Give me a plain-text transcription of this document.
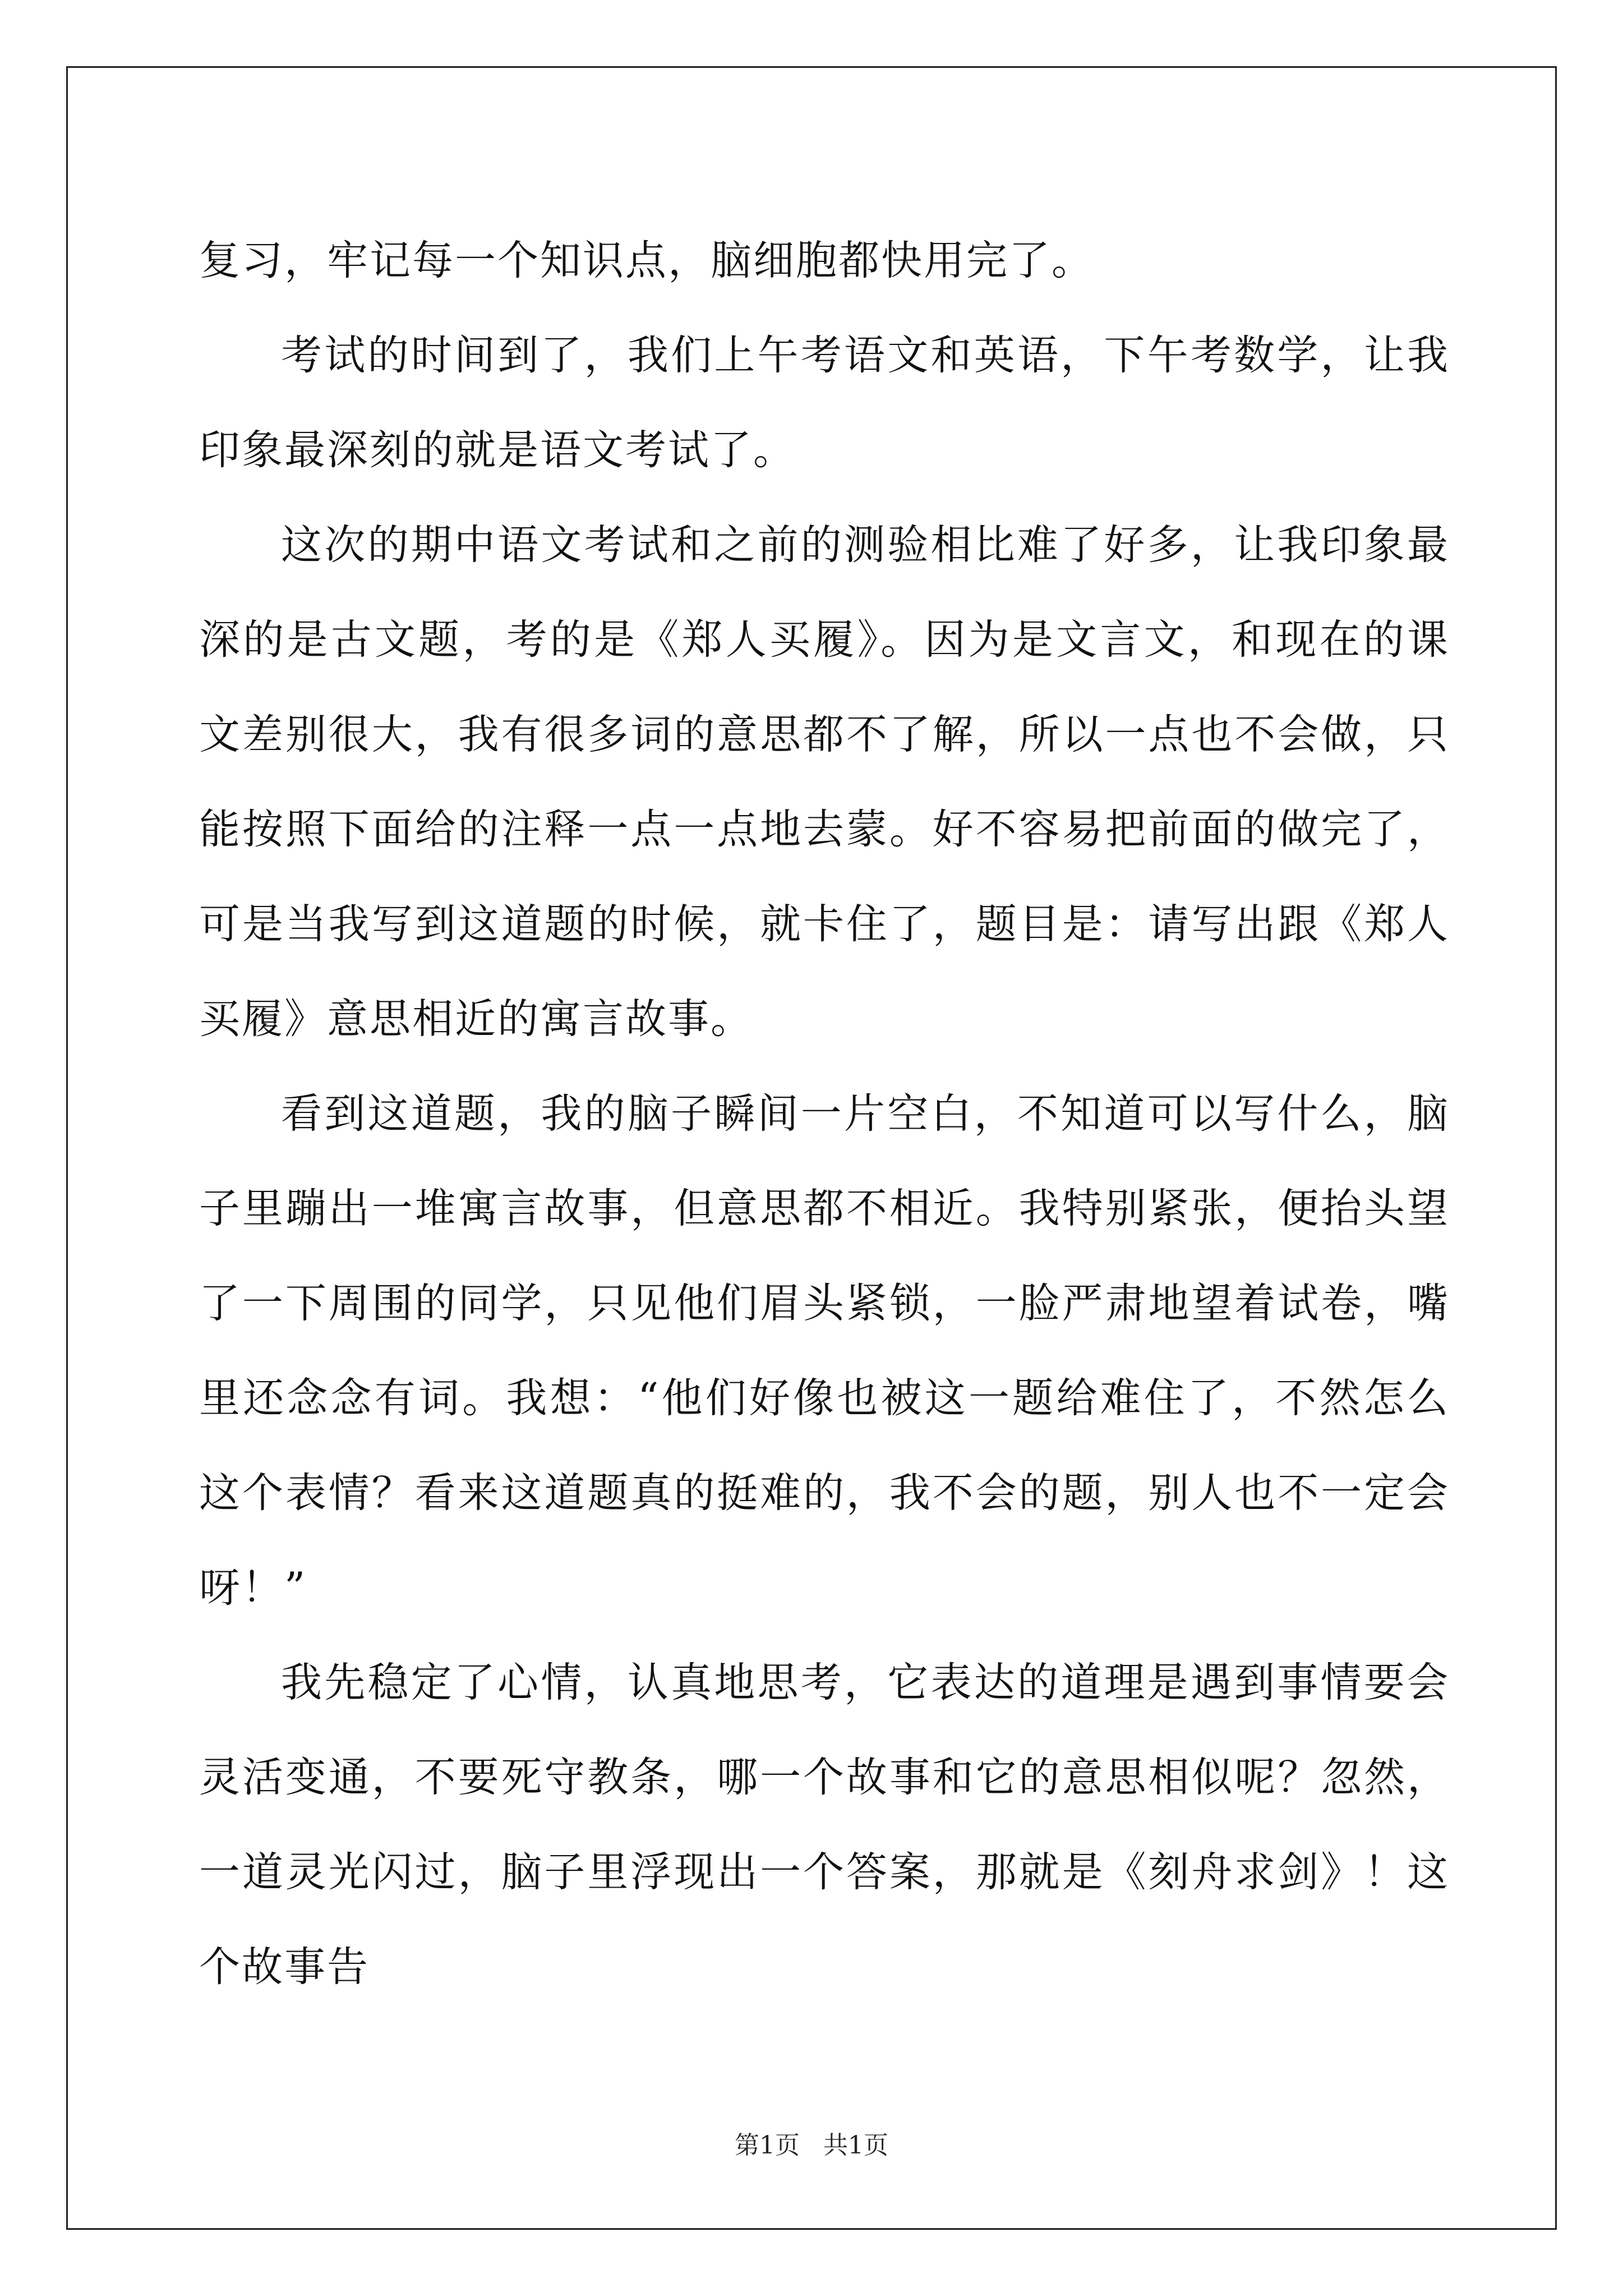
复习，牢记每一个知识点，脑细胞都快用完了。

考试的时间到了，我们上午考语文和英语，下午考数学，让我印象最深刻的就是语文考试了。

这次的期中语文考试和之前的测验相比难了好多，让我印象最深的是古文题，考的是《郑人买履》。因为是文言文，和现在的课文差别很大，我有很多词的意思都不了解，所以一点也不会做，只能按照下面给的注释一点一点地去蒙。好不容易把前面的做完了，可是当我写到这道题的时候，就卡住了，题目是：请写出跟《郑人买履》意思相近的寓言故事。

看到这道题，我的脑子瞬间一片空白，不知道可以写什么，脑子里蹦出一堆寓言故事，但意思都不相近。我特别紧张，便抬头望了一下周围的同学，只见他们眉头紧锁，一脸严肃地望着试卷，嘴里还念念有词。我想：“他们好像也被这一题给难住了，不然怎么这个表情？看来这道题真的挺难的，我不会的题，别人也不一定会呀！”

我先稳定了心情，认真地思考，它表达的道理是遇到事情要会灵活变通，不要死守教条，哪一个故事和它的意思相似呢？忽然，一道灵光闪过，脑子里浮现出一个答案，那就是《刻舟求剑》！这个故事告

第1页 共1页
